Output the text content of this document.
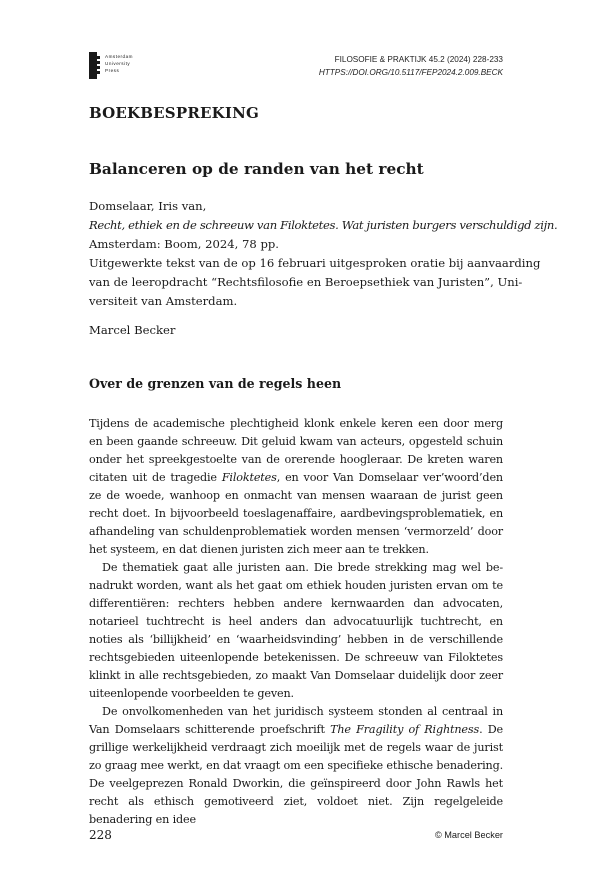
Amsterdam
University
Press
FILOSOFIE & PRAKTIJK 45.2 (2024) 228-233
HTTPS://DOI.ORG/10.5117/FEP2024.2.009.BECK
BOEKBESPREKING
Balanceren op de randen van het recht
Domselaar, Iris van,
Recht, ethiek en de schreeuw van Filoktetes. Wat juristen burgers verschuldigd zijn.
Amsterdam: Boom, 2024, 78 pp.
Uitgewerkte tekst van de op 16 februari uitgesproken oratie bij aanvaarding
van de leeropdracht “Rechtsfilosofie en Beroepsethiek van Juristen”, Uni-
versiteit van Amsterdam.
Marcel Becker
Over de grenzen van de regels heen

Tijdens de academische plechtigheid klonk enkele keren een door merg en been gaande schreeuw. Dit geluid kwam van acteurs, opgesteld schuin onder het spreekgestoelte van de orerende hoogleraar. De kreten waren citaten uit de tragedie Filoktetes, en voor Van Domselaar ver’woord’den ze de woede, wanhoop en onmacht van mensen waaraan de jurist geen recht doet. In bijvoorbeeld toeslagenaffaire, aardbevingsproblematiek, en afhandeling van schuldenproblematiek worden mensen ‘vermorzeld’ door het systeem, en dat dienen juristen zich meer aan te trekken.

De thematiek gaat alle juristen aan. Die brede strekking mag wel be-nadrukt worden, want als het gaat om ethiek houden juristen ervan om te differentiëren: rechters hebben andere kernwaarden dan advocaten, notarieel tuchtrecht is heel anders dan advocatuurlijk tuchtrecht, en noties als ‘billijkheid’ en ‘waarheidsvinding’ hebben in de verschillende rechtsgebieden uiteenlopende betekenissen. De schreeuw van Filoktetes klinkt in alle rechtsgebieden, zo maakt Van Domselaar duidelijk door zeer uiteenlopende voorbeelden te geven.

De onvolkomenheden van het juridisch systeem stonden al centraal in Van Domselaars schitterende proefschrift The Fragility of Rightness. De grillige werkelijkheid verdraagt zich moeilijk met de regels waar de jurist zo graag mee werkt, en dat vraagt om een specifieke ethische benadering. De veelgeprezen Ronald Dworkin, die geïnspireerd door John Rawls het recht als ethisch gemotiveerd ziet, voldoet niet. Zijn regelgeleide benadering en idee

228	© Marcel Becker
